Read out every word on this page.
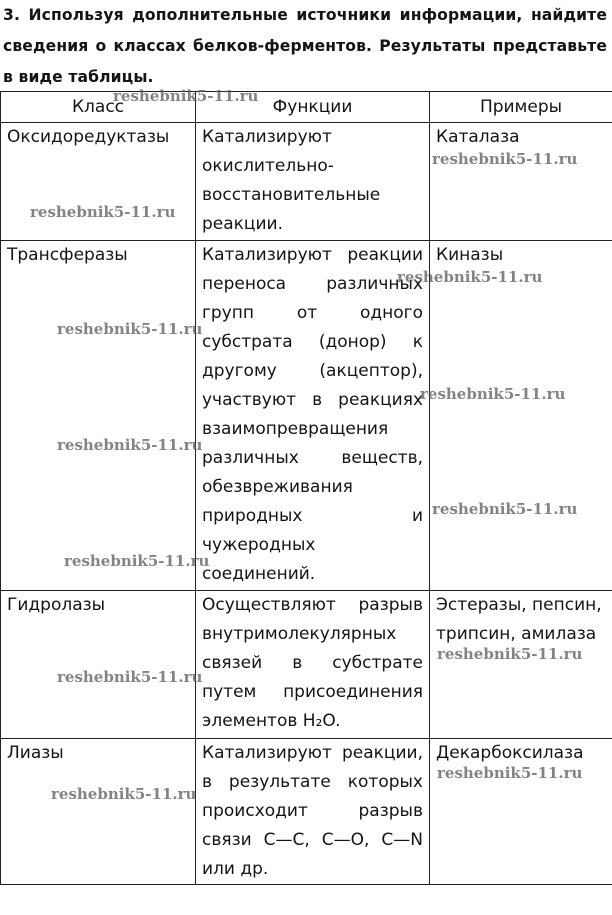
3. Используя дополнительные источники информации, найдите сведения о классах белков-ферментов. Результаты представьте в виде таблицы.
Класс	Функции	Примеры
Оксидоредуктазы	Катализируют окислительно-восстановительные реакции.	Каталаза
Трансферазы	Катализируют реакции переноса различных групп от одного субстрата (донор) к другому (акцептор), участвуют в реакциях взаимопревращения различных веществ, обезвреживания природных и чужеродных соединений.	Киназы
Гидролазы	Осуществляют разрыв внутримолекулярных связей в субстрате путем присоединения элементов H₂O.	Эстеразы, пепсин, трипсин, амилаза
Лиазы	Катализируют реакции, в результате которых происходит разрыв связи C—C, C—O, C—N или др.	Декарбоксилаза
reshebnik5-11.ru
reshebnik5-11.ru
reshebnik5-11.ru
reshebnik5-11.ru
reshebnik5-11.ru
reshebnik5-11.ru
reshebnik5-11.ru
reshebnik5-11.ru
reshebnik5-11.ru
reshebnik5-11.ru
reshebnik5-11.ru
reshebnik5-11.ru
reshebnik5-11.ru
